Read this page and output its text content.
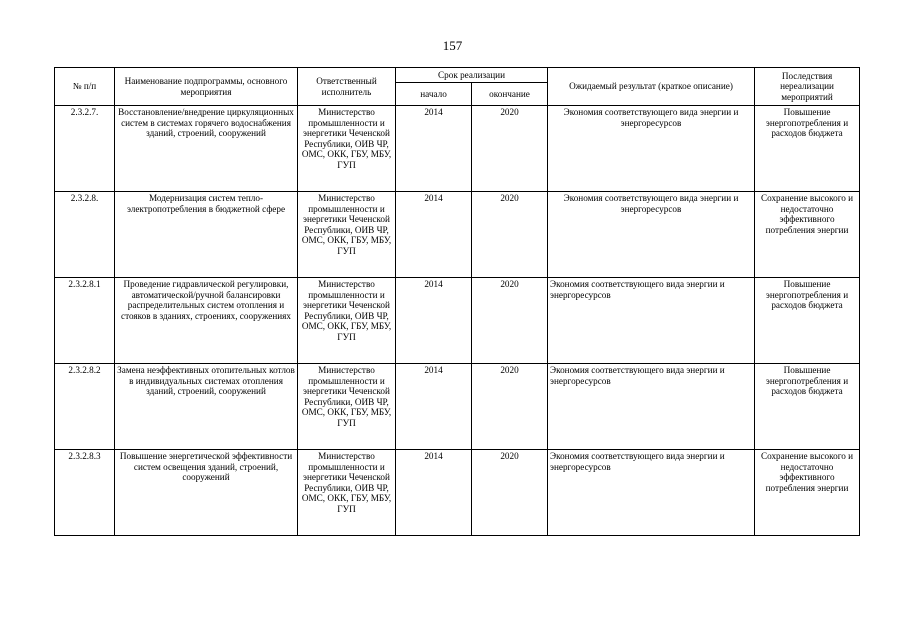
157
№ п/п	Наименование подпрограммы, основного мероприятия	Ответственный исполнитель	Срок реализации		Ожидаемый результат (краткое описание)	Последствия нереализации мероприятий
			начало	окончание		
2.3.2.7.	Восстановление/внедрение циркуляционных систем в системах горячего водоснабжения зданий, строений, сооружений	Министерство промышленности и энергетики Чеченской Республики, ОИВ ЧР, ОМС, ОКК, ГБУ, МБУ, ГУП	2014	2020	Экономия соответствующего вида энергии и энергоресурсов	Повышение энергопотребления и расходов бюджета
2.3.2.8.	Модернизация систем тепло-электропотребления в бюджетной сфере	Министерство промышленности и энергетики Чеченской Республики, ОИВ ЧР, ОМС, ОКК, ГБУ, МБУ, ГУП	2014	2020	Экономия соответствующего вида энергии и энергоресурсов	Сохранение высокого и недостаточно эффективного потребления энергии
2.3.2.8.1	Проведение гидравлической регулировки, автоматической/ручной балансировки распределительных систем отопления и стояков в зданиях, строениях, сооружениях	Министерство промышленности и энергетики Чеченской Республики, ОИВ ЧР, ОМС, ОКК, ГБУ, МБУ, ГУП	2014	2020	Экономия соответствующего вида энергии и энергоресурсов	Повышение энергопотребления и расходов бюджета
2.3.2.8.2	Замена неэффективных отопительных котлов в индивидуальных системах отопления зданий, строений, сооружений	Министерство промышленности и энергетики Чеченской Республики, ОИВ ЧР, ОМС, ОКК, ГБУ, МБУ, ГУП	2014	2020	Экономия соответствующего вида энергии и энергоресурсов	Повышение энергопотребления и расходов бюджета
2.3.2.8.3	Повышение энергетической эффективности систем освещения зданий, строений, сооружений	Министерство промышленности и энергетики Чеченской Республики, ОИВ ЧР, ОМС, ОКК, ГБУ, МБУ, ГУП	2014	2020	Экономия соответствующего вида энергии и энергоресурсов	Сохранение высокого и недостаточно эффективного потребления энергии
